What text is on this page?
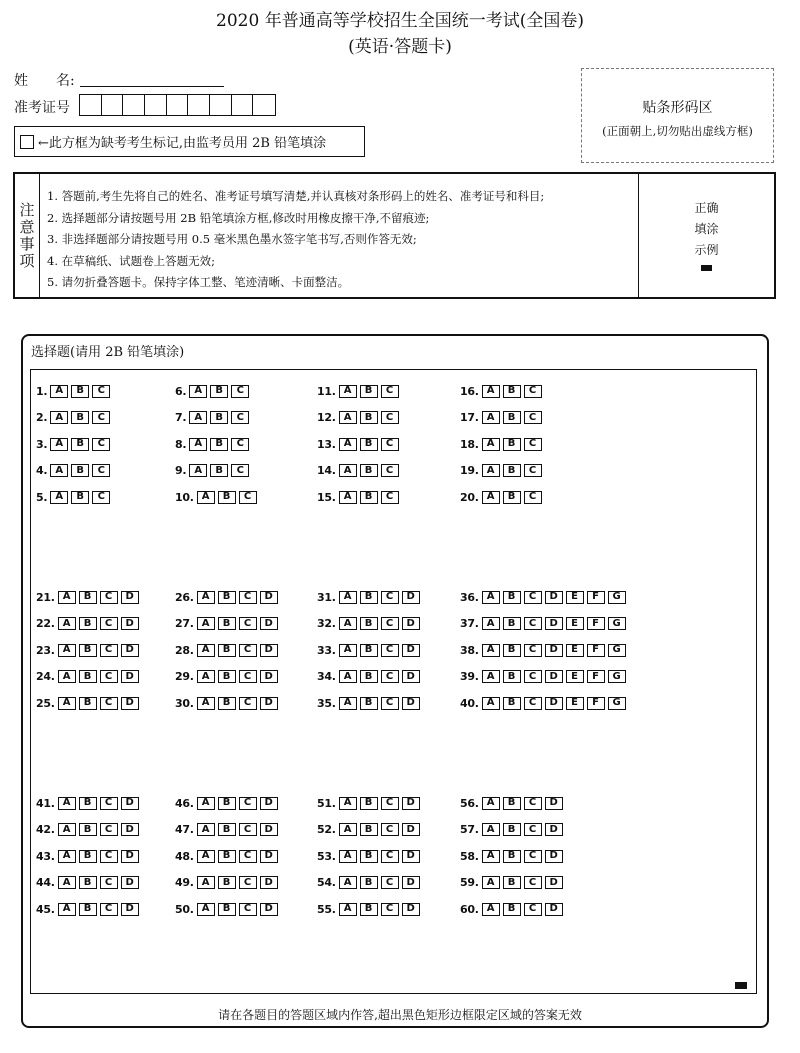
2020 年普通高等学校招生全国统一考试(全国卷)
(英语·答题卡)
姓　　名:
准考证号
←此方框为缺考考生标记,由监考员用 2B 铅笔填涂
贴条形码区
(正面朝上,切勿贴出虚线方框)
注
意
事
项
1. 答题前,考生先将自己的姓名、准考证号填写清楚,并认真核对条形码上的姓名、准考证号和科目;
2. 选择题部分请按题号用 2B 铅笔填涂方框,修改时用橡皮擦干净,不留痕迹;
3. 非选择题部分请按题号用 0.5 毫米黑色墨水签字笔书写,否则作答无效;
4. 在草稿纸、试题卷上答题无效;
5. 请勿折叠答题卡。保持字体工整、笔迹清晰、卡面整洁。
正确
填涂
示例
选择题(请用 2B 铅笔填涂)
1. A	B	C
2. A	B	C
3. A	B	C
4. A	B	C
5. A	B	C
6. A	B	C
7. A	B	C
8. A	B	C
9. A	B	C
10. A	B	C
11. A	B	C
12. A	B	C
13. A	B	C
14. A	B	C
15. A	B	C
16. A	B	C
17. A	B	C
18. A	B	C
19. A	B	C
20. A	B	C
21. A	B	C	D
22. A	B	C	D
23. A	B	C	D
24. A	B	C	D
25. A	B	C	D
26. A	B	C	D
27. A	B	C	D
28. A	B	C	D
29. A	B	C	D
30. A	B	C	D
31. A	B	C	D
32. A	B	C	D
33. A	B	C	D
34. A	B	C	D
35. A	B	C	D
36. A	B	C	D	E	F	G
37. A	B	C	D	E	F	G
38. A	B	C	D	E	F	G
39. A	B	C	D	E	F	G
40. A	B	C	D	E	F	G
41. A	B	C	D
42. A	B	C	D
43. A	B	C	D
44. A	B	C	D
45. A	B	C	D
46. A	B	C	D
47. A	B	C	D
48. A	B	C	D
49. A	B	C	D
50. A	B	C	D
51. A	B	C	D
52. A	B	C	D
53. A	B	C	D
54. A	B	C	D
55. A	B	C	D
56. A	B	C	D
57. A	B	C	D
58. A	B	C	D
59. A	B	C	D
60. A	B	C	D
请在各题目的答题区域内作答,超出黑色矩形边框限定区域的答案无效
